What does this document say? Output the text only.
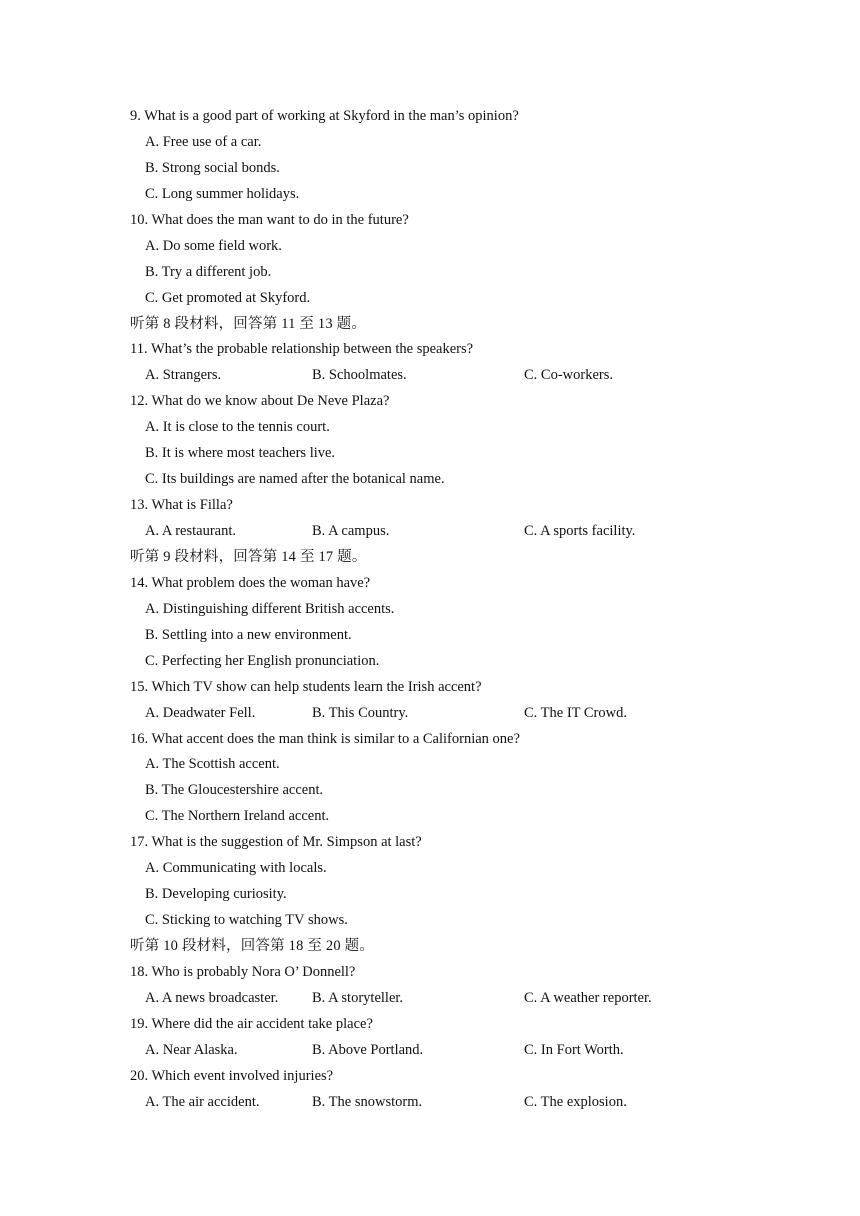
9. What is a good part of working at Skyford in the man’s opinion?
A. Free use of a car.
B. Strong social bonds.
C. Long summer holidays.
10. What does the man want to do in the future?
A. Do some field work.
B. Try a different job.
C. Get promoted at Skyford.
听第 8 段材料，回答第 11 至 13 题。
11. What’s the probable relationship between the speakers?
A. Strangers.	B. Schoolmates.	C. Co-workers.
12. What do we know about De Neve Plaza?
A. It is close to the tennis court.
B. It is where most teachers live.
C. Its buildings are named after the botanical name.
13. What is Filla?
A. A restaurant.	B. A campus.	C. A sports facility.
听第 9 段材料，回答第 14 至 17 题。
14. What problem does the woman have?
A. Distinguishing different British accents.
B. Settling into a new environment.
C. Perfecting her English pronunciation.
15. Which TV show can help students learn the Irish accent?
A. Deadwater Fell.	B. This Country.	C. The IT Crowd.
16. What accent does the man think is similar to a Californian one?
A. The Scottish accent.
B. The Gloucestershire accent.
C. The Northern Ireland accent.
17. What is the suggestion of Mr. Simpson at last?
A. Communicating with locals.
B. Developing curiosity.
C. Sticking to watching TV shows.
听第 10 段材料，回答第 18 至 20 题。
18. Who is probably Nora O’ Donnell?
A. A news broadcaster. B. A storyteller.	C. A weather reporter.
19. Where did the air accident take place?
A. Near Alaska.	B. Above Portland.	C. In Fort Worth.
20. Which event involved injuries?
A. The air accident.	B. The snowstorm.	C. The explosion.
